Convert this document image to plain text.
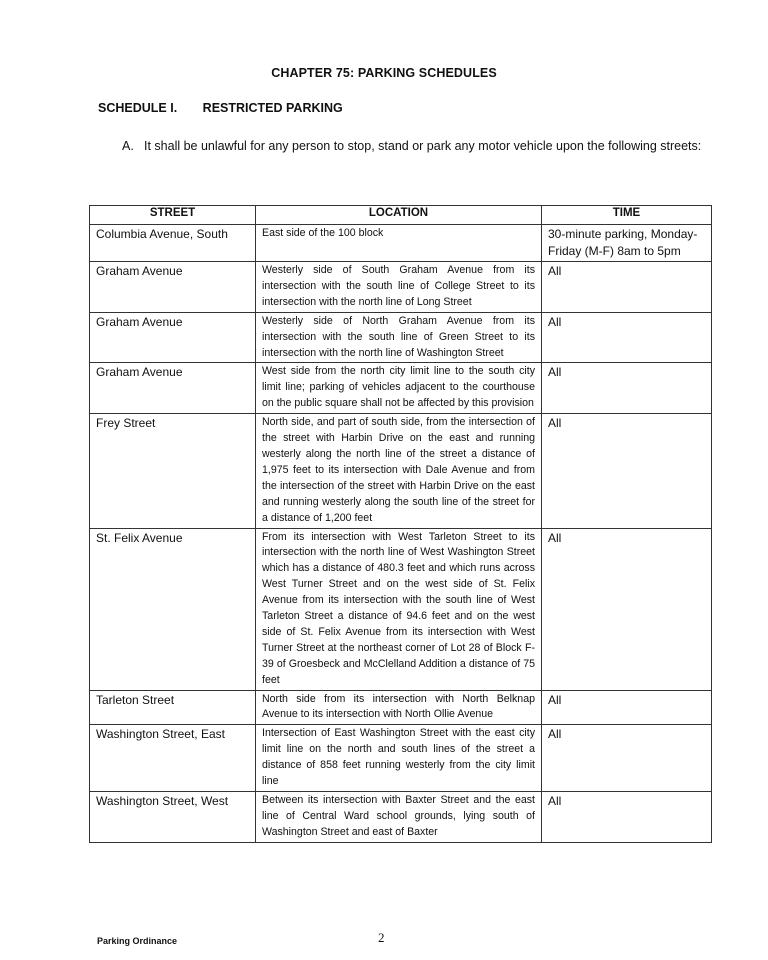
CHAPTER 75: PARKING SCHEDULES
SCHEDULE I. RESTRICTED PARKING
A. It shall be unlawful for any person to stop, stand or park any motor vehicle upon the following streets:
STREET	LOCATION	TIME
Columbia Avenue, South	East side of the 100 block	30-minute parking, Monday-Friday (M-F) 8am to 5pm
Graham Avenue	Westerly side of South Graham Avenue from its intersection with the south line of College Street to its intersection with the north line of Long Street	All
Graham Avenue	Westerly side of North Graham Avenue from its intersection with the south line of Green Street to its intersection with the north line of Washington Street	All
Graham Avenue	West side from the north city limit line to the south city limit line; parking of vehicles adjacent to the courthouse on the public square shall not be affected by this provision	All
Frey Street	North side, and part of south side, from the intersection of the street with Harbin Drive on the east and running westerly along the north line of the street a distance of 1,975 feet to its intersection with Dale Avenue and from the intersection of the street with Harbin Drive on the east and running westerly along the south line of the street for a distance of 1,200 feet	All
St. Felix Avenue	From its intersection with West Tarleton Street to its intersection with the north line of West Washington Street which has a distance of 480.3 feet and which runs across West Turner Street and on the west side of St. Felix Avenue from its intersection with the south line of West Tarleton Street a distance of 94.6 feet and on the west side of St. Felix Avenue from its intersection with West Turner Street at the northeast corner of Lot 28 of Block F-39 of Groesbeck and McClelland Addition a distance of 75 feet	All
Tarleton Street	North side from its intersection with North Belknap Avenue to its intersection with North Ollie Avenue	All
Washington Street, East	Intersection of East Washington Street with the east city limit line on the north and south lines of the street a distance of 858 feet running westerly from the city limit line	All
Washington Street, West	Between its intersection with Baxter Street and the east line of Central Ward school grounds, lying south of Washington Street and east of Baxter	All
Parking Ordinance	2
